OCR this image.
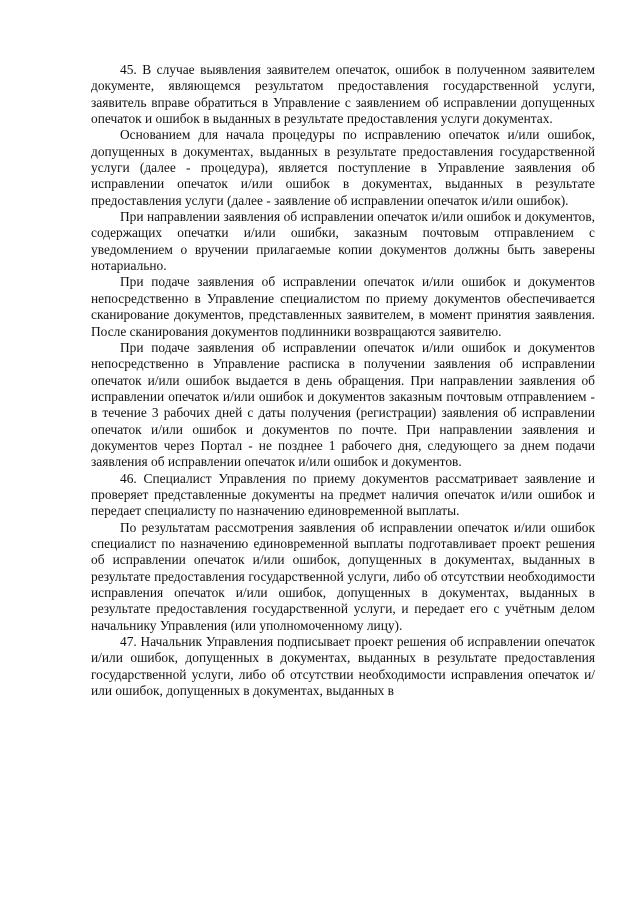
45. В случае выявления заявителем опечаток, ошибок в полученном заявителем документе, являющемся результатом предоставления государственной услуги, заявитель вправе обратиться в Управление с заявлением об исправлении допущенных опечаток и ошибок в выданных в результате предоставления услуги документах.

Основанием для начала процедуры по исправлению опечаток и/или ошибок, допущенных в документах, выданных в результате предоставления государственной услуги (далее - процедура), является поступление в Управление заявления об исправлении опечаток и/или ошибок в документах, выданных в результате предоставления услуги (далее - заявление об исправлении опечаток и/или ошибок).

При направлении заявления об исправлении опечаток и/или ошибок и документов, содержащих опечатки и/или ошибки, заказным почтовым отправлением с уведомлением о вручении прилагаемые копии документов должны быть заверены нотариально.

При подаче заявления об исправлении опечаток и/или ошибок и документов непосредственно в Управление специалистом по приему документов обеспечивается сканирование документов, представленных заявителем, в момент принятия заявления. После сканирования документов подлинники возвращаются заявителю.

При подаче заявления об исправлении опечаток и/или ошибок и документов непосредственно в Управление расписка в получении заявления об исправлении опечаток и/или ошибок выдается в день обращения. При направлении заявления об исправлении опечаток и/или ошибок и документов заказным почтовым отправлением - в течение 3 рабочих дней с даты получения (регистрации) заявления об исправлении опечаток и/или ошибок и документов по почте. При направлении заявления и документов через Портал - не позднее 1 рабочего дня, следующего за днем подачи заявления об исправлении опечаток и/или ошибок и документов.

46. Специалист Управления по приему документов рассматривает заявление и проверяет представленные документы на предмет наличия опечаток и/или ошибок и передает специалисту по назначению единовременной выплаты.

По результатам рассмотрения заявления об исправлении опечаток и/или ошибок специалист по назначению единовременной выплаты подготавливает проект решения об исправлении опечаток и/или ошибок, допущенных в документах, выданных в результате предоставления государственной услуги, либо об отсутствии необходимости исправления опечаток и/или ошибок, допущенных в документах, выданных в результате предоставления государственной услуги, и передает его с учётным делом начальнику Управления (или уполномоченному лицу).

47. Начальник Управления подписывает проект решения об исправлении опечаток и/или ошибок, допущенных в документах, выданных в результате предоставления государственной услуги, либо об отсутствии необходимости исправления опечаток и/или ошибок, допущенных в документах, выданных в
